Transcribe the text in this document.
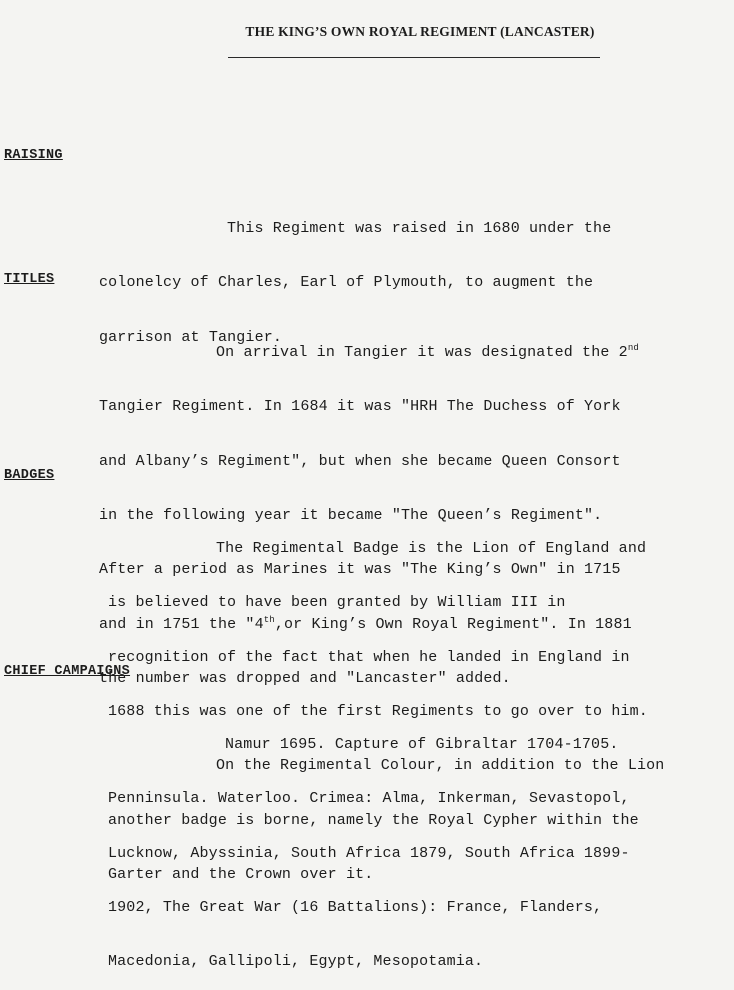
THE KING’S OWN ROYAL REGIMENT (LANCASTER)
RAISING

This Regiment was raised in 1680 under the

colonelcy of Charles, Earl of Plymouth, to augment the

garrison at Tangier.

TITLES

On arrival in Tangier it was designated the 2nd

Tangier Regiment. In 1684 it was "HRH The Duchess of York

and Albany’s Regiment", but when she became Queen Consort

in the following year it became "The Queen’s Regiment".

After a period as Marines it was "The King’s Own" in 1715

and in 1751 the "4th,or King’s Own Royal Regiment". In 1881

the number was dropped and "Lancaster" added.

BADGES

The Regimental Badge is the Lion of England and

is believed to have been granted by William III in

recognition of the fact that when he landed in England in

1688 this was one of the first Regiments to go over to him.

On the Regimental Colour, in addition to the Lion

another badge is borne, namely the Royal Cypher within the

Garter and the Crown over it.

CHIEF CAMPAIGNS

Namur 1695. Capture of Gibraltar 1704-1705.

Penninsula. Waterloo. Crimea: Alma, Inkerman, Sevastopol,

Lucknow, Abyssinia, South Africa 1879, South Africa 1899-

1902, The Great War (16 Battalions): France, Flanders,

Macedonia, Gallipoli, Egypt, Mesopotamia.
